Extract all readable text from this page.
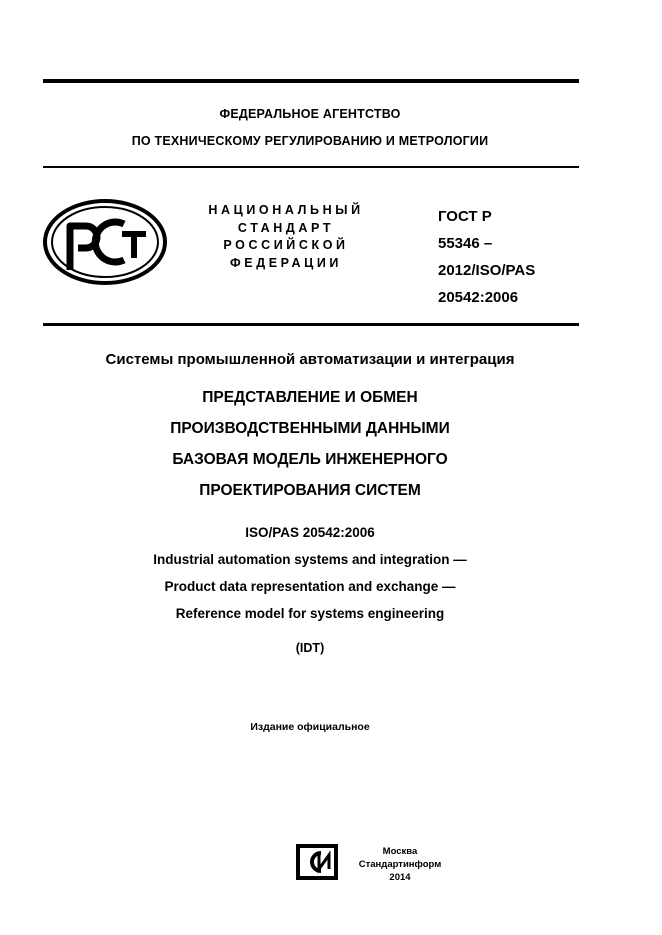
ФЕДЕРАЛЬНОЕ АГЕНТСТВО
ПО ТЕХНИЧЕСКОМУ РЕГУЛИРОВАНИЮ И МЕТРОЛОГИИ
НАЦИОНАЛЬНЫЙ
СТАНДАРТ
РОССИЙСКОЙ
ФЕДЕРАЦИИ
ГОСТ Р
55346 –
2012/ISO/PAS
20542:2006
Системы промышленной автоматизации и интеграция
ПРЕДСТАВЛЕНИЕ И ОБМЕН
ПРОИЗВОДСТВЕННЫМИ ДАННЫМИ
БАЗОВАЯ МОДЕЛЬ ИНЖЕНЕРНОГО
ПРОЕКТИРОВАНИЯ СИСТЕМ
ISO/PAS 20542:2006
Industrial automation systems and integration —
Product data representation and exchange —
Reference model for systems engineering
(IDT)
Издание официальное
Москва
Стандартинформ
2014
